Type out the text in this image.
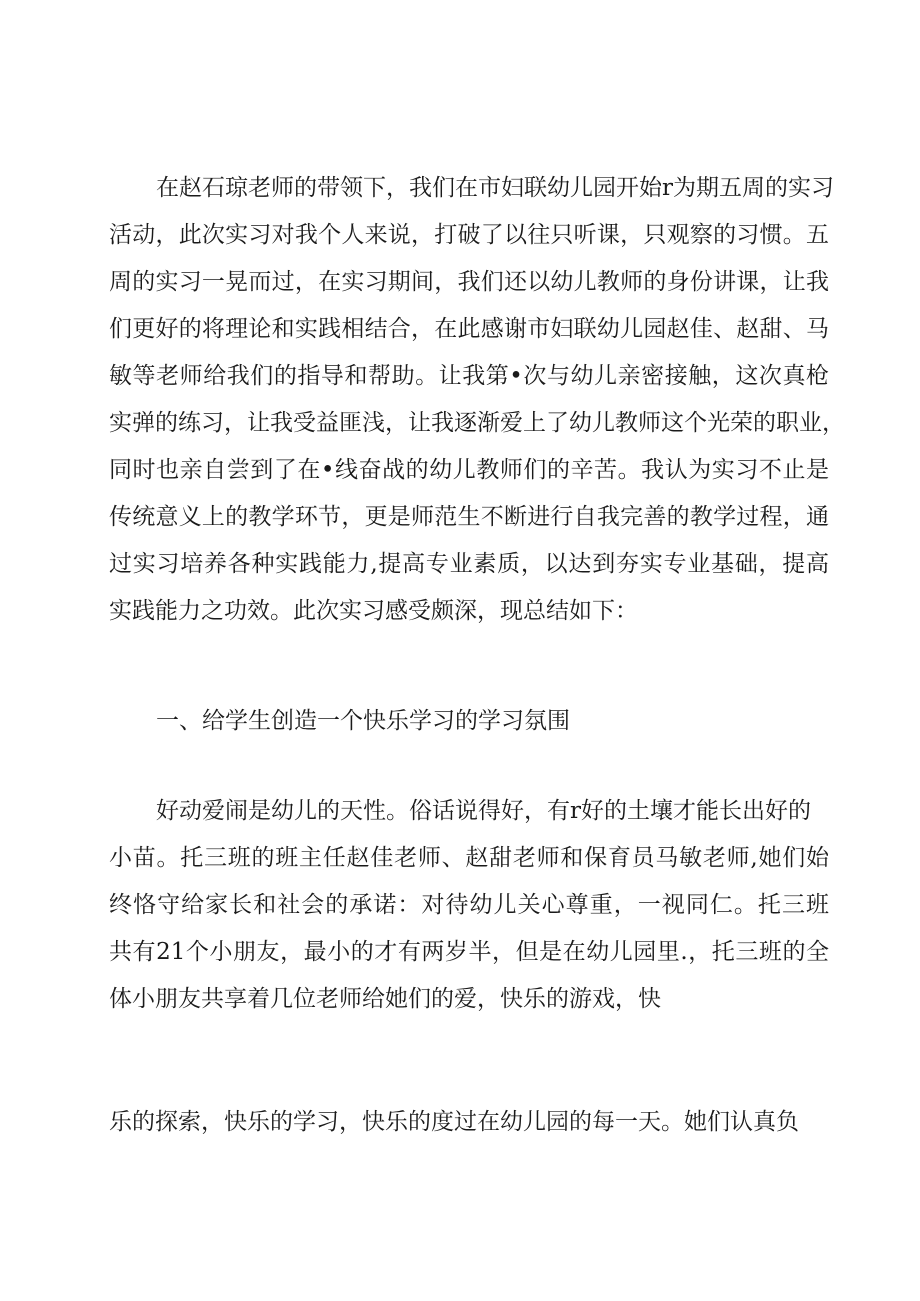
在赵石琼老师的带领下，我们在市妇联幼儿园开始r为期五周的实习
活动，此次实习对我个人来说，打破了以往只听课，只观察的习惯。五
周的实习一晃而过，在实习期间，我们还以幼儿教师的身份讲课，让我
们更好的将理论和实践相结合，在此感谢市妇联幼儿园赵佳、赵甜、马
敏等老师给我们的指导和帮助。让我第•次与幼儿亲密接触，这次真枪
实弹的练习，让我受益匪浅，让我逐渐爱上了幼儿教师这个光荣的职业，
同时也亲自尝到了在•线奋战的幼儿教师们的辛苦。我认为实习不止是
传统意义上的教学环节，更是师范生不断进行自我完善的教学过程，通
过实习培养各种实践能力,提高专业素质，以达到夯实专业基础，提高
实践能力之功效。此次实习感受颇深，现总结如下：
一、给学生创造一个快乐学习的学习氛围
好动爱闹是幼儿的天性。俗话说得好，有r好的土壤才能长出好的
小苗。托三班的班主任赵佳老师、赵甜老师和保育员马敏老师,她们始
终恪守给家长和社会的承诺：对待幼儿关心尊重，一视同仁。托三班
共有21个小朋友，最小的才有两岁半，但是在幼儿园里.，托三班的全
体小朋友共享着几位老师给她们的爱，快乐的游戏，快
乐的探索，快乐的学习，快乐的度过在幼儿园的每一天。她们认真负
